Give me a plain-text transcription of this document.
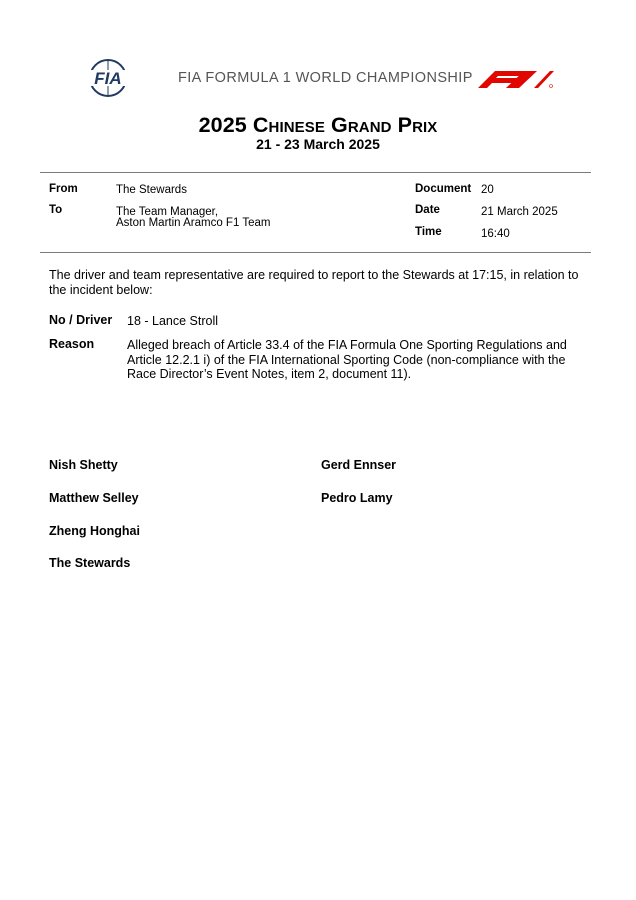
FIA	FIA FORMULA 1 WORLD CHAMPIONSHIP
2025 Chinese Grand Prix
21 - 23 March 2025
From	The Stewards
To	The Team Manager,
Aston Martin Aramco F1 Team
Document 20
Date	21 March 2025
Time	16:40
The driver and team representative are required to report to the Stewards at 17:15, in relation to the incident below:
No / Driver 18 - Lance Stroll
Reason	Alleged breach of Article 33.4 of the FIA Formula One Sporting Regulations and Article 12.2.1 i) of the FIA International Sporting Code (non-compliance with the Race Director’s Event Notes, item 2, document 11).
Nish Shetty
Matthew Selley
Zheng Honghai
The Stewards
Gerd Ennser
Pedro Lamy
